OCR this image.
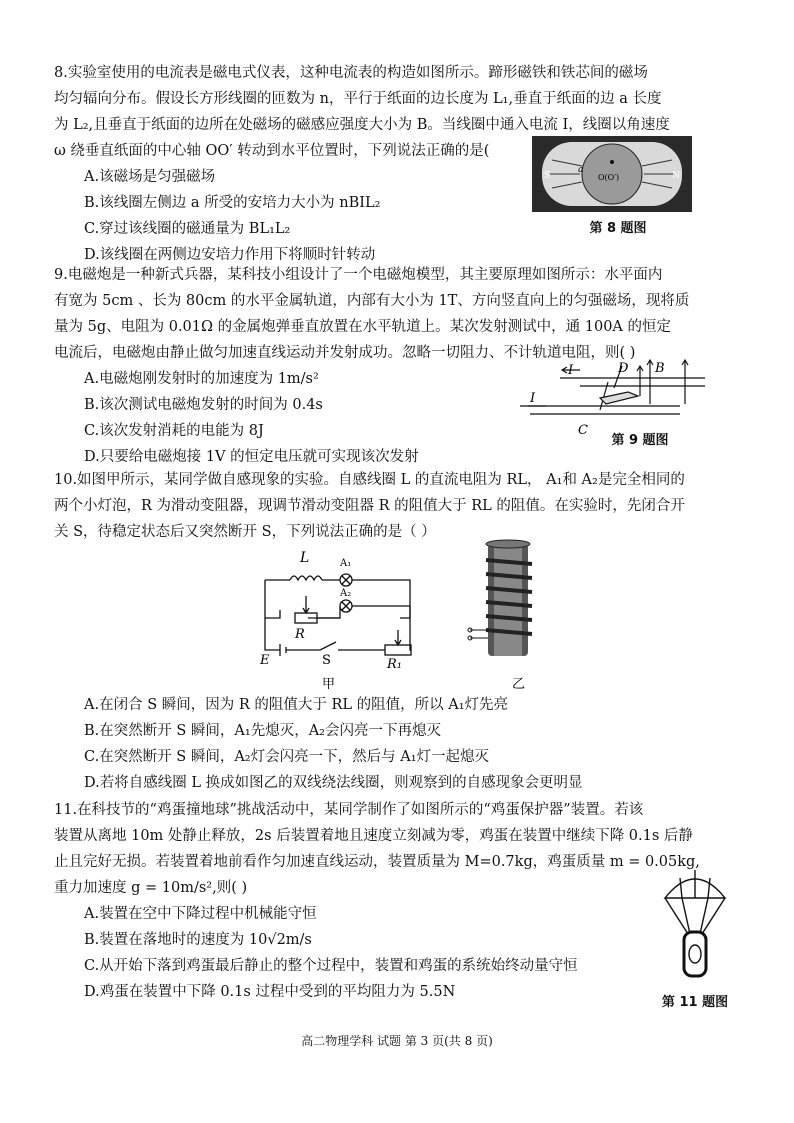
8.实验室使用的电流表是磁电式仪表，这种电流表的构造如图所示。蹄形磁铁和铁芯间的磁场
均匀辐向分布。假设长方形线圈的匝数为 n，平行于纸面的边长度为 L₁,垂直于纸面的边 a 长度
为 L₂,且垂直于纸面的边所在处磁场的磁感应强度大小为 B。当线圈中通入电流 I，线圈以角速度
ω 绕垂直纸面的中心轴 OO′ 转动到水平位置时，下列说法正确的是(
A.该磁场是匀强磁场
B.该线圈左侧边 a 所受的安培力大小为 nBIL₂
C.穿过该线圈的磁通量为 BL₁L₂
D.该线圈在两侧边安培力作用下将顺时针转动
S	N
a
O(O′)
第 8 题图
9.电磁炮是一种新式兵器，某科技小组设计了一个电磁炮模型，其主要原理如图所示：水平面内
有宽为 5cm 、长为 80cm 的水平金属轨道，内部有大小为 1T、方向竖直向上的匀强磁场，现将质
量为 5g、电阻为 0.01Ω 的金属炮弹垂直放置在水平轨道上。某次发射测试中，通 100A 的恒定
电流后，电磁炮由静止做匀加速直线运动并发射成功。忽略一切阻力、不计轨道电阻，则( )
A.电磁炮刚发射时的加速度为 1m/s²
B.该次测试电磁炮发射的时间为 0.4s
C.该次发射消耗的电能为 8J
D.只要给电磁炮接 1V 的恒定电压就可实现该次发射
I
I
D B
C
第 9 题图
10.如图甲所示，某同学做自感现象的实验。自感线圈 L 的直流电阻为 RL， A₁和 A₂是完全相同的
两个小灯泡，R 为滑动变阻器，现调节滑动变阻器 R 的阻值大于 RL 的阻值。在实验时，先闭合开
关 S，待稳定状态后又突然断开 S，下列说法正确的是（ ）
L	A₁
A₂
R
E	S	R₁
甲	乙
A.在闭合 S 瞬间，因为 R 的阻值大于 RL 的阻值，所以 A₁灯先亮
B.在突然断开 S 瞬间，A₁先熄灭，A₂会闪亮一下再熄灭
C.在突然断开 S 瞬间，A₂灯会闪亮一下，然后与 A₁灯一起熄灭
D.若将自感线圈 L 换成如图乙的双线绕法线圈，则观察到的自感现象会更明显
11.在科技节的“鸡蛋撞地球”挑战活动中，某同学制作了如图所示的“鸡蛋保护器”装置。若该
装置从离地 10m 处静止释放，2s 后装置着地且速度立刻减为零，鸡蛋在装置中继续下降 0.1s 后静
止且完好无损。若装置着地前看作匀加速直线运动，装置质量为 M=0.7kg，鸡蛋质量 m = 0.05kg,
重力加速度 g = 10m/s²,则( )
A.装置在空中下降过程中机械能守恒
B.装置在落地时的速度为 10√2m/s
C.从开始下落到鸡蛋最后静止的整个过程中，装置和鸡蛋的系统始终动量守恒
D.鸡蛋在装置中下降 0.1s 过程中受到的平均阻力为 5.5N
第 11 题图
高二物理学科 试题 第 3 页(共 8 页)
